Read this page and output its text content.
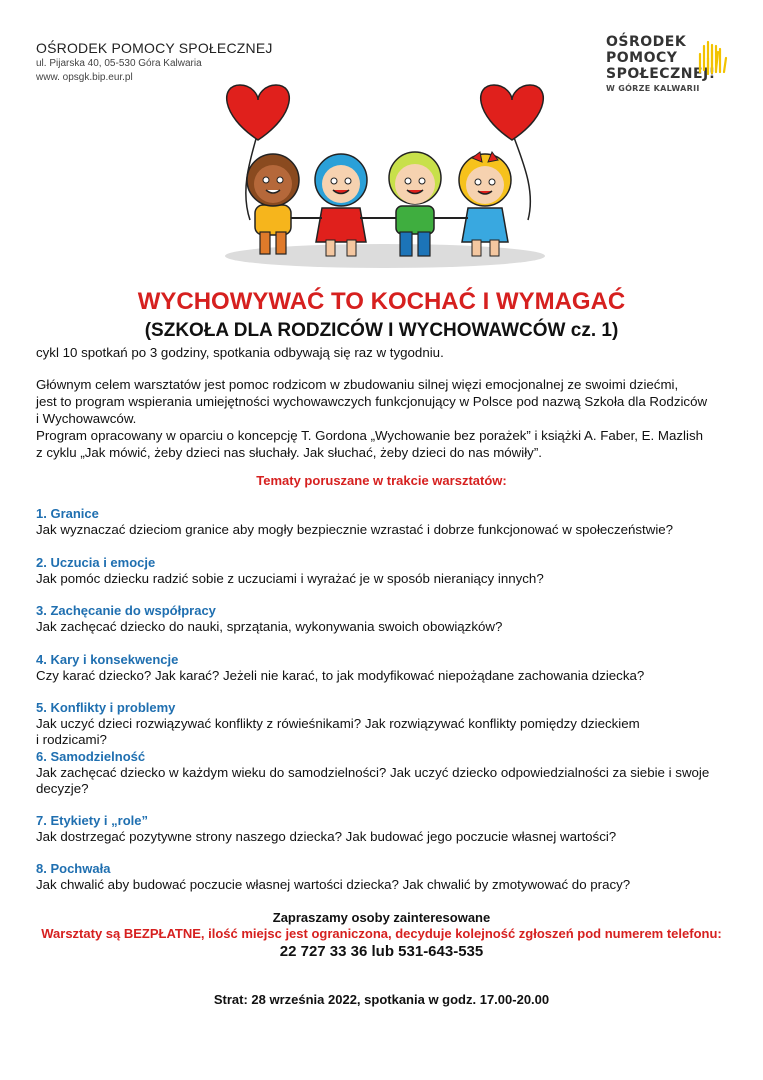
OŚRODEK POMOCY SPOŁECZNEJ
ul. Pijarska 40, 05-530 Góra Kalwaria
www. opsgk.bip.eur.pl
OŚRODEK
POMOCY
SPOŁECZNEJ!
W GÓRZE KALWARII
WYCHOWYWAĆ TO KOCHAĆ I WYMAGAĆ
(SZKOŁA DLA RODZICÓW I WYCHOWAWCÓW cz. 1)
cykl 10 spotkań po 3 godziny, spotkania odbywają się raz w tygodniu.
Głównym celem warsztatów jest pomoc rodzicom w zbudowaniu silnej więzi emocjonalnej ze swoimi dziećmi,
jest to program wspierania umiejętności wychowawczych funkcjonujący w Polsce pod nazwą Szkoła dla Rodziców
i Wychowawców.
Program opracowany w oparciu o koncepcję T. Gordona „Wychowanie bez porażek” i książki A. Faber, E. Mazlish
z cyklu „Jak mówić, żeby dzieci nas słuchały. Jak słuchać, żeby dzieci do nas mówiły”.
Tematy poruszane w trakcie warsztatów:
1. Granice
Jak wyznaczać dzieciom granice aby mogły bezpiecznie wzrastać i dobrze funkcjonować w społeczeństwie?
2. Uczucia i emocje
Jak pomóc dziecku radzić sobie z uczuciami i wyrażać je w sposób nieraniący innych?
3. Zachęcanie do współpracy
Jak zachęcać dziecko do nauki, sprzątania, wykonywania swoich obowiązków?
4. Kary i konsekwencje
Czy karać dziecko? Jak karać? Jeżeli nie karać, to jak modyfikować niepożądane zachowania dziecka?
5. Konflikty i problemy
Jak uczyć dzieci rozwiązywać konflikty z rówieśnikami? Jak rozwiązywać konflikty pomiędzy dzieckiem
i rodzicami?
6. Samodzielność
Jak zachęcać dziecko w każdym wieku do samodzielności? Jak uczyć dziecko odpowiedzialności za siebie i swoje
decyzje?
7. Etykiety i „role”
Jak dostrzegać pozytywne strony naszego dziecka? Jak budować jego poczucie własnej wartości?
8. Pochwała
Jak chwalić aby budować poczucie własnej wartości dziecka? Jak chwalić by zmotywować do pracy?
Zapraszamy osoby zainteresowane
Warsztaty są BEZPŁATNE, ilość miejsc jest ograniczona, decyduje kolejność zgłoszeń pod numerem telefonu:
22 727 33 36 lub 531-643-535
Strat: 28 września 2022, spotkania w godz. 17.00-20.00
